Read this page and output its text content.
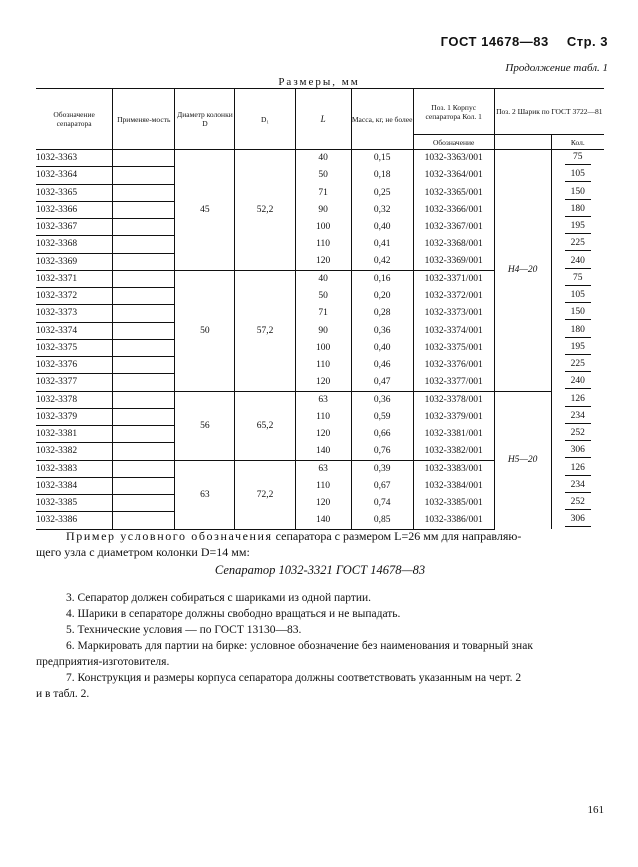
ГОСТ 14678—83 Стр. 3
Продолжение табл. 1
Размеры, мм
Обозначение сепаратора	Применяе-мость	Диаметр колонки D	D₁	L	Масса, кг, не более	Поз. 1 Корпус сепаратора Кол. 1	Поз. 2 Шарик по ГОСТ 3722—81	
						Обозначение		Кол.
1032-3363		45	52,2	40	0,15	1032-3363/001	H4—20	75
1032-3364				50	0,18	1032-3364/001		105
1032-3365				71	0,25	1032-3365/001		150
1032-3366				90	0,32	1032-3366/001		180
1032-3367				100	0,40	1032-3367/001		195
1032-3368				110	0,41	1032-3368/001		225
1032-3369				120	0,42	1032-3369/001		240
1032-3371		50	57,2	40	0,16	1032-3371/001		75
1032-3372				50	0,20	1032-3372/001		105
1032-3373				71	0,28	1032-3373/001		150
1032-3374				90	0,36	1032-3374/001		180
1032-3375				100	0,40	1032-3375/001		195
1032-3376				110	0,46	1032-3376/001		225
1032-3377				120	0,47	1032-3377/001		240
1032-3378		56	65,2	63	0,36	1032-3378/001	H5—20	126
1032-3379				110	0,59	1032-3379/001		234
1032-3381				120	0,66	1032-3381/001		252
1032-3382				140	0,76	1032-3382/001		306
1032-3383		63	72,2	63	0,39	1032-3383/001		126
1032-3384				110	0,67	1032-3384/001		234
1032-3385				120	0,74	1032-3385/001		252
1032-3386				140	0,85	1032-3386/001		306
Пример условного обозначения сепаратора с размером L=26 мм для направляю-
щего узла с диаметром колонки D=14 мм:
Сепаратор 1032-3321 ГОСТ 14678—83
3. Сепаратор должен собираться с шариками из одной партии.
4. Шарики в сепараторе должны свободно вращаться и не выпадать.
5. Технические условия — по ГОСТ 13130—83.
6. Маркировать для партии на бирке: условное обозначение без наименования и товарный знак
предприятия-изготовителя.
7. Конструкция и размеры корпуса сепаратора должны соответствовать указанным на черт. 2
и в табл. 2.
161
